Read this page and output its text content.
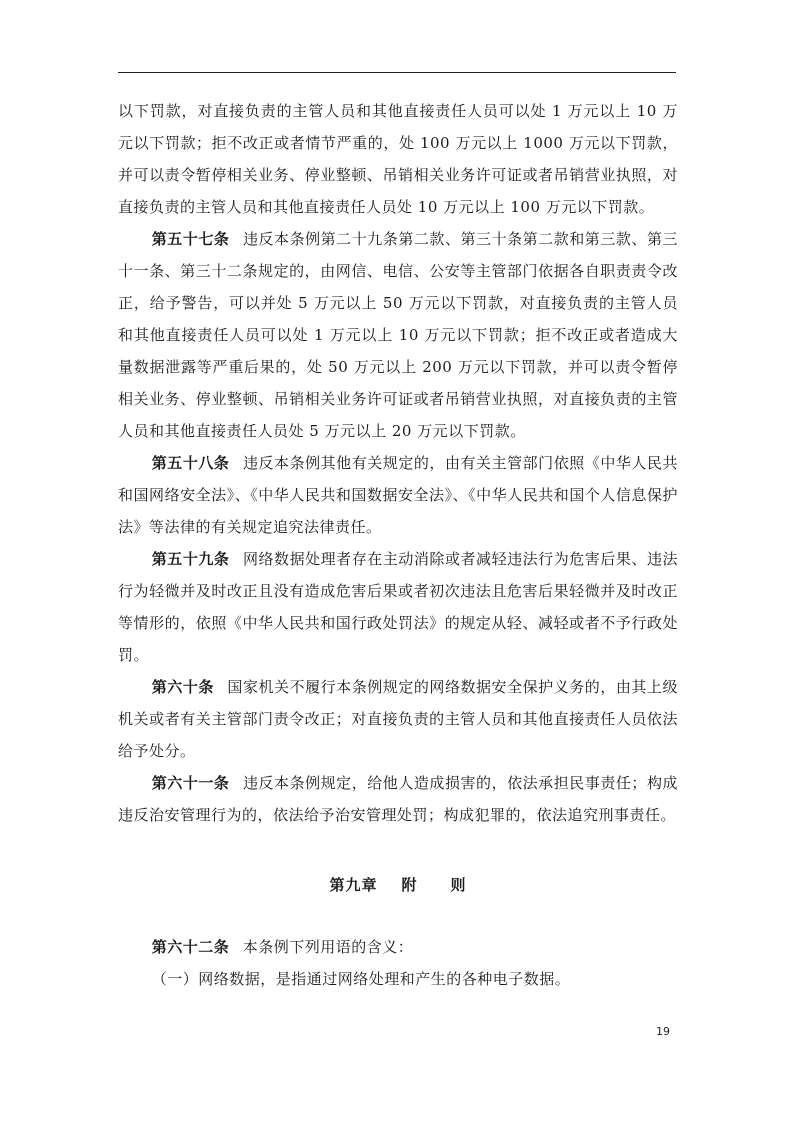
以下罚款，对直接负责的主管人员和其他直接责任人员可以处 1 万元以上 10 万元以下罚款；拒不改正或者情节严重的，处 100 万元以上 1000 万元以下罚款，并可以责令暂停相关业务、停业整顿、吊销相关业务许可证或者吊销营业执照，对直接负责的主管人员和其他直接责任人员处 10 万元以上 100 万元以下罚款。

第五十七条 违反本条例第二十九条第二款、第三十条第二款和第三款、第三十一条、第三十二条规定的，由网信、电信、公安等主管部门依据各自职责责令改正，给予警告，可以并处 5 万元以上 50 万元以下罚款，对直接负责的主管人员和其他直接责任人员可以处 1 万元以上 10 万元以下罚款；拒不改正或者造成大量数据泄露等严重后果的，处 50 万元以上 200 万元以下罚款，并可以责令暂停相关业务、停业整顿、吊销相关业务许可证或者吊销营业执照，对直接负责的主管人员和其他直接责任人员处 5 万元以上 20 万元以下罚款。

第五十八条 违反本条例其他有关规定的，由有关主管部门依照《中华人民共和国网络安全法》、《中华人民共和国数据安全法》、《中华人民共和国个人信息保护法》等法律的有关规定追究法律责任。

第五十九条 网络数据处理者存在主动消除或者减轻违法行为危害后果、违法行为轻微并及时改正且没有造成危害后果或者初次违法且危害后果轻微并及时改正等情形的，依照《中华人民共和国行政处罚法》的规定从轻、减轻或者不予行政处罚。

第六十条 国家机关不履行本条例规定的网络数据安全保护义务的，由其上级机关或者有关主管部门责令改正；对直接负责的主管人员和其他直接责任人员依法给予处分。

第六十一条 违反本条例规定，给他人造成损害的，依法承担民事责任；构成违反治安管理行为的，依法给予治安管理处罚；构成犯罪的，依法追究刑事责任。

第九章 附 则

第六十二条 本条例下列用语的含义：

（一）网络数据，是指通过网络处理和产生的各种电子数据。

19
